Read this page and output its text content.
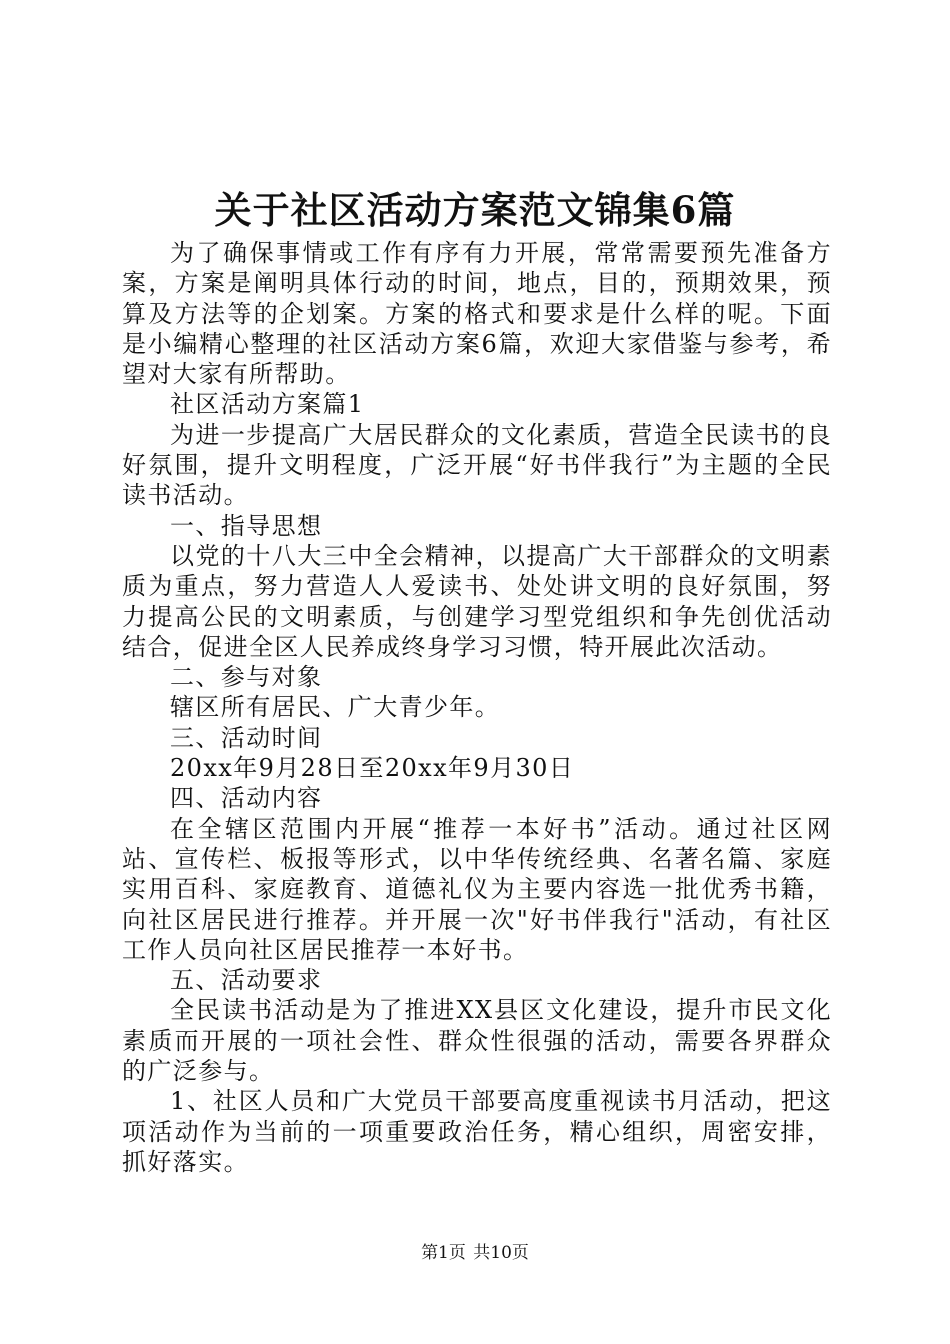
关于社区活动方案范文锦集6篇

为了确保事情或工作有序有力开展，常常需要预先准备方案，方案是阐明具体行动的时间，地点，目的，预期效果，预算及方法等的企划案。方案的格式和要求是什么样的呢。下面是小编精心整理的社区活动方案6篇，欢迎大家借鉴与参考，希望对大家有所帮助。

社区活动方案篇1

为进一步提高广大居民群众的文化素质，营造全民读书的良好氛围，提升文明程度，广泛开展“好书伴我行”为主题的全民读书活动。

一、指导思想

以党的十八大三中全会精神，以提高广大干部群众的文明素质为重点，努力营造人人爱读书、处处讲文明的良好氛围，努力提高公民的文明素质，与创建学习型党组织和争先创优活动结合，促进全区人民养成终身学习习惯，特开展此次活动。

二、参与对象

辖区所有居民、广大青少年。

三、活动时间

20xx年9月28日至20xx年9月30日

四、活动内容

在全辖区范围内开展“推荐一本好书”活动。通过社区网站、宣传栏、板报等形式，以中华传统经典、名著名篇、家庭实用百科、家庭教育、道德礼仪为主要内容选一批优秀书籍，向社区居民进行推荐。并开展一次"好书伴我行"活动，有社区工作人员向社区居民推荐一本好书。

五、活动要求

全民读书活动是为了推进XX县区文化建设，提升市民文化素质而开展的一项社会性、群众性很强的活动，需要各界群众的广泛参与。

1、社区人员和广大党员干部要高度重视读书月活动，把这项活动作为当前的一项重要政治任务，精心组织，周密安排，抓好落实。

第1页 共10页
